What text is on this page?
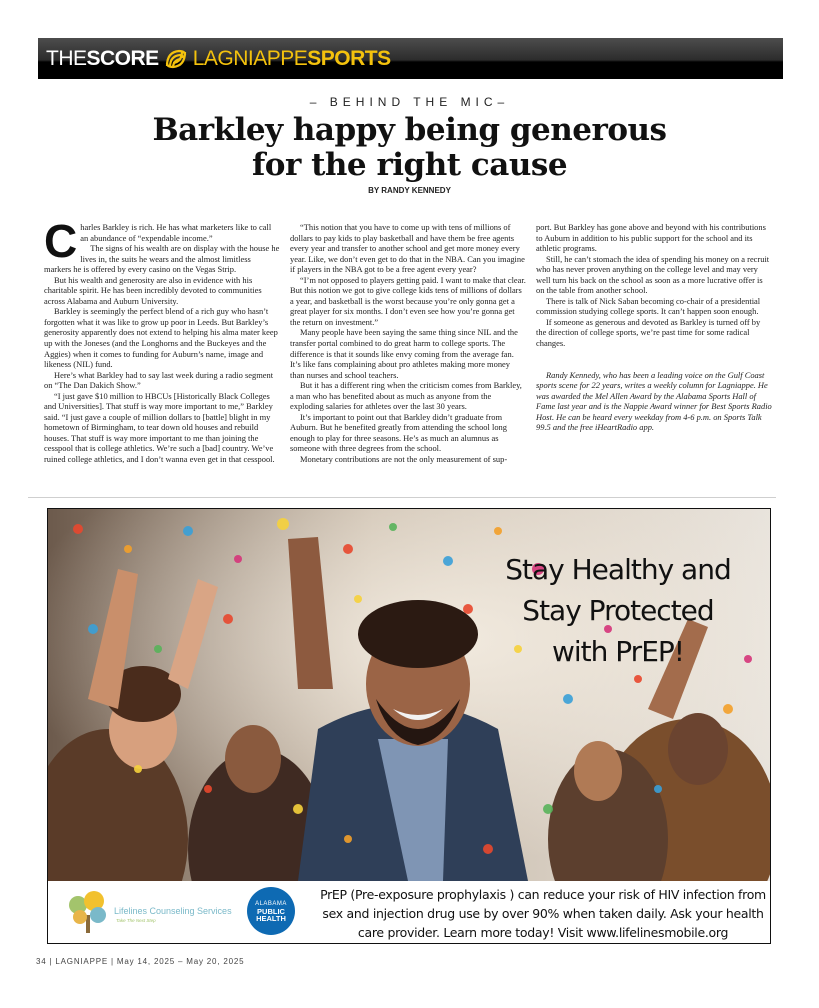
THE SCORE LAGNIAPPE SPORTS
– BEHIND THE MIC–
Barkley happy being generous
for the right cause
BY RANDY KENNEDY
C harles Barkley is rich. He has what marketers like to call an abundance of “expendable income.”

The signs of his wealth are on display with the house he lives in, the suits he wears and the almost limitless markers he is offered by every casino on the Vegas Strip.

But his wealth and generosity are also in evidence with his charitable spirit. He has been incredibly devoted to communities across Alabama and Auburn University.

Barkley is seemingly the perfect blend of a rich guy who hasn’t forgotten what it was like to grow up poor in Leeds. But Barkley’s generosity apparently does not extend to helping his alma mater keep up with the Joneses (and the Longhorns and the Buckeyes and the Aggies) when it comes to funding for Auburn’s name, image and likeness (NIL) fund.

Here’s what Barkley had to say last week during a radio segment on “The Dan Dakich Show.”

“I just gave $10 million to HBCUs [Historically Black Colleges and Universities]. That stuff is way more important to me,” Barkley said. “I just gave a couple of million dollars to [battle] blight in my hometown of Birmingham, to tear down old houses and rebuild houses. That stuff is way more important to me than joining the cesspool that is college athletics. We’re such a [bad] country. We’ve ruined college athletics, and I don’t wanna even get in that cesspool.

“This notion that you have to come up with tens of millions of dollars to pay kids to play basketball and have them be free agents every year and transfer to another school and get more money every year. Like, we don’t even get to do that in the NBA. Can you imagine if players in the NBA got to be a free agent every year?

“I’m not opposed to players getting paid. I want to make that clear. But this notion we got to give college kids tens of millions of dollars a year, and basketball is the worst because you’re only gonna get a great player for six months. I don’t even see how you’re gonna get the return on investment.”

Many people have been saying the same thing since NIL and the transfer portal combined to do great harm to college sports. The difference is that it sounds like envy coming from the average fan. It’s like fans complaining about pro athletes making more money than nurses and school teachers.

But it has a different ring when the criticism comes from Barkley, a man who has benefited about as much as anyone from the exploding salaries for athletes over the last 30 years.

It’s important to point out that Barkley didn’t graduate from Auburn. But he benefited greatly from attending the school long enough to play for three seasons. He’s as much an alumnus as someone with three degrees from the school.

Monetary contributions are not the only measurement of sup-

port. But Barkley has gone above and beyond with his contributions to Auburn in addition to his public support for the school and its athletic programs.

Still, he can’t stomach the idea of spending his money on a recruit who has never proven anything on the college level and may very well turn his back on the school as soon as a more lucrative offer is on the table from another school.

There is talk of Nick Saban becoming co-chair of a presidential commission studying college sports. It can’t happen soon enough.

If someone as generous and devoted as Barkley is turned off by the direction of college sports, we’re past time for some radical changes.

Randy Kennedy, who has been a leading voice on the Gulf Coast sports scene for 22 years, writes a weekly column for Lagniappe. He was awarded the Mel Allen Award by the Alabama Sports Hall of Fame last year and is the Nappie Award winner for Best Sports Radio Host. He can be heard every weekday from 4-6 p.m. on Sports Talk 99.5 and the free iHeartRadio app.

Stay Healthy and
Stay Protected
with PrEP!
Lifelines Counseling Services
Take The Next Step
ALABAMA
PUBLIC
HEALTH
PrEP (Pre-exposure prophylaxis ) can reduce your risk of HIV infection from sex and injection drug use by over 90% when taken daily. Ask your health care provider. Learn more today! Visit www.lifelinesmobile.org
34 | LAGNIAPPE | May 14, 2025 – May 20, 2025
